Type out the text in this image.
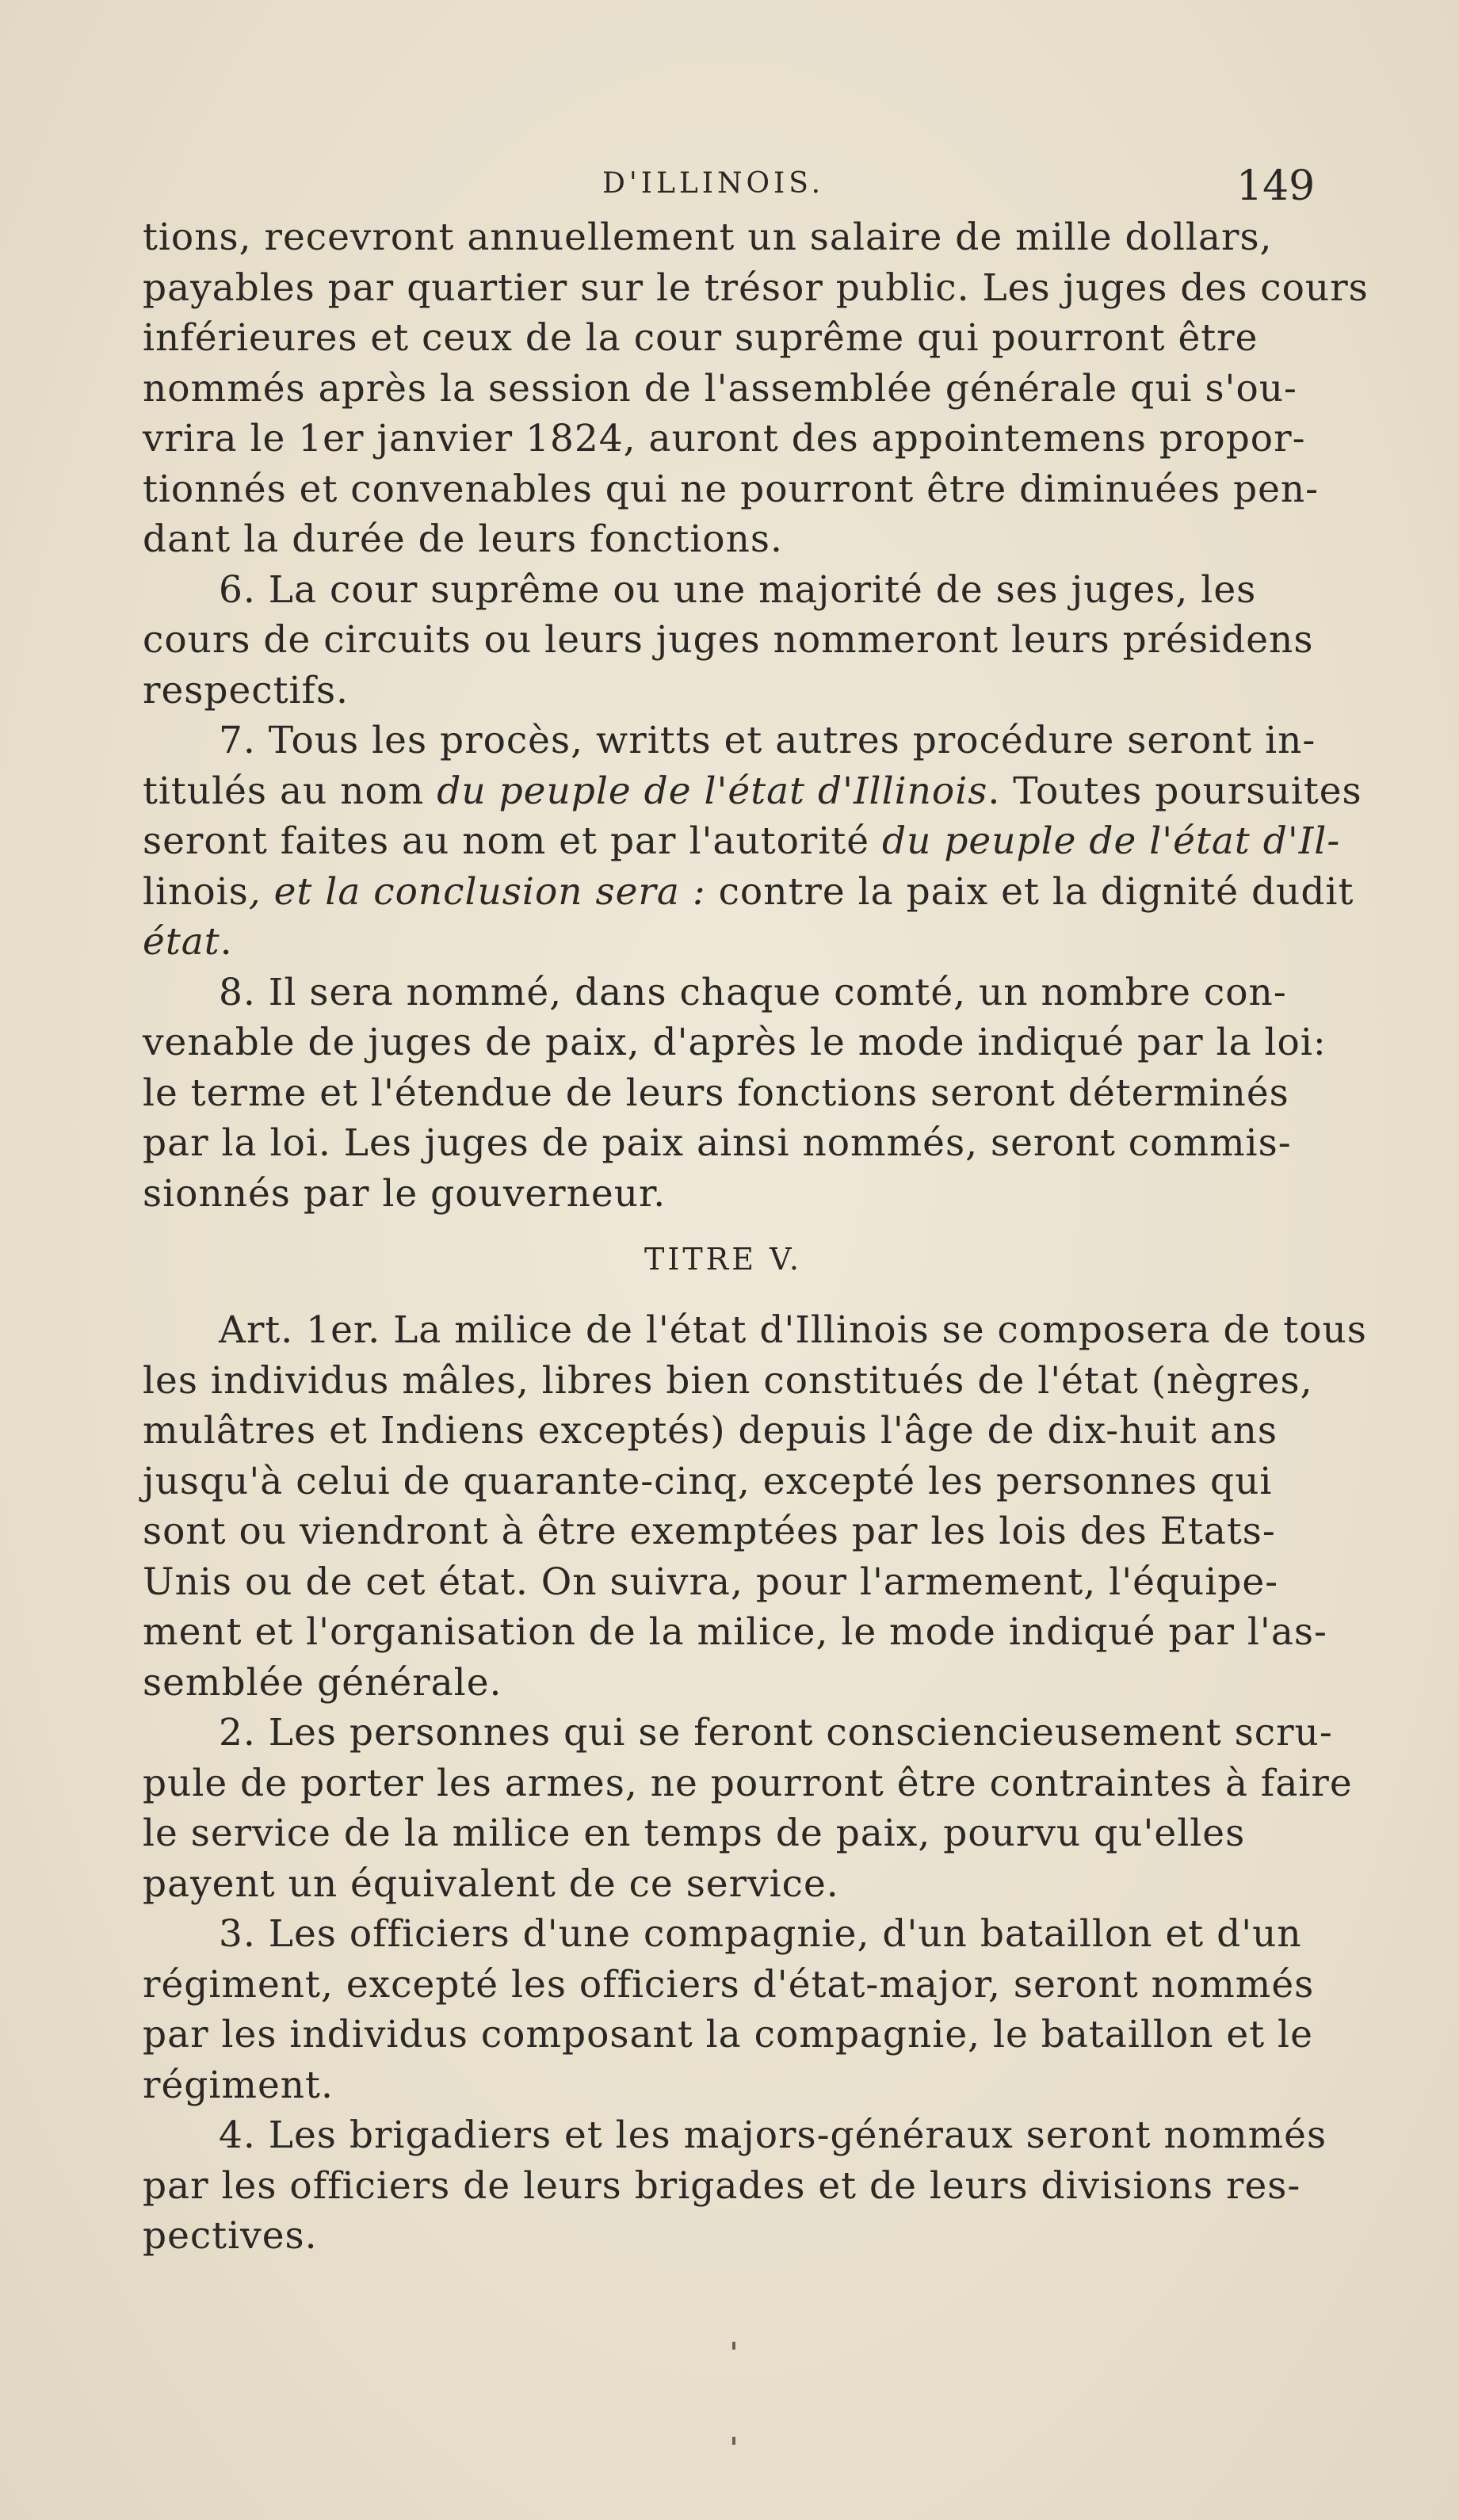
D'ILLINOIS.	149
tions, recevront annuellement un salaire de mille dollars,
payables par quartier sur le trésor public. Les juges des cours
inférieures et ceux de la cour suprême qui pourront être
nommés après la session de l'assemblée générale qui s'ou-
vrira le 1er janvier 1824, auront des appointemens propor-
tionnés et convenables qui ne pourront être diminuées pen-
dant la durée de leurs fonctions.
  6. La cour suprême ou une majorité de ses juges, les
cours de circuits ou leurs juges nommeront leurs présidens
respectifs.
  7. Tous les procès, writts et autres procédure seront in-
titulés au nom du peuple de l'état d'Illinois. Toutes poursuites
seront faites au nom et par l'autorité du peuple de l'état d'Il-
linois, et la conclusion sera : contre la paix et la dignité dudit
état.
  8. Il sera nommé, dans chaque comté, un nombre con-
venable de juges de paix, d'après le mode indiqué par la loi:
le terme et l'étendue de leurs fonctions seront déterminés
par la loi. Les juges de paix ainsi nommés, seront commis-
sionnés par le gouverneur.
TITRE V.
  Art. 1er. La milice de l'état d'Illinois se composera de tous
les individus mâles, libres bien constitués de l'état (nègres,
mulâtres et Indiens exceptés) depuis l'âge de dix-huit ans
jusqu'à celui de quarante-cinq, excepté les personnes qui
sont ou viendront à être exemptées par les lois des Etats-
Unis ou de cet état. On suivra, pour l'armement, l'équipe-
ment et l'organisation de la milice, le mode indiqué par l'as-
semblée générale.
  2. Les personnes qui se feront consciencieusement scru-
pule de porter les armes, ne pourront être contraintes à faire
le service de la milice en temps de paix, pourvu qu'elles
payent un équivalent de ce service.
  3. Les officiers d'une compagnie, d'un bataillon et d'un
régiment, excepté les officiers d'état-major, seront nommés
par les individus composant la compagnie, le bataillon et le
régiment.
  4. Les brigadiers et les majors-généraux seront nommés
par les officiers de leurs brigades et de leurs divisions res-
pectives.
